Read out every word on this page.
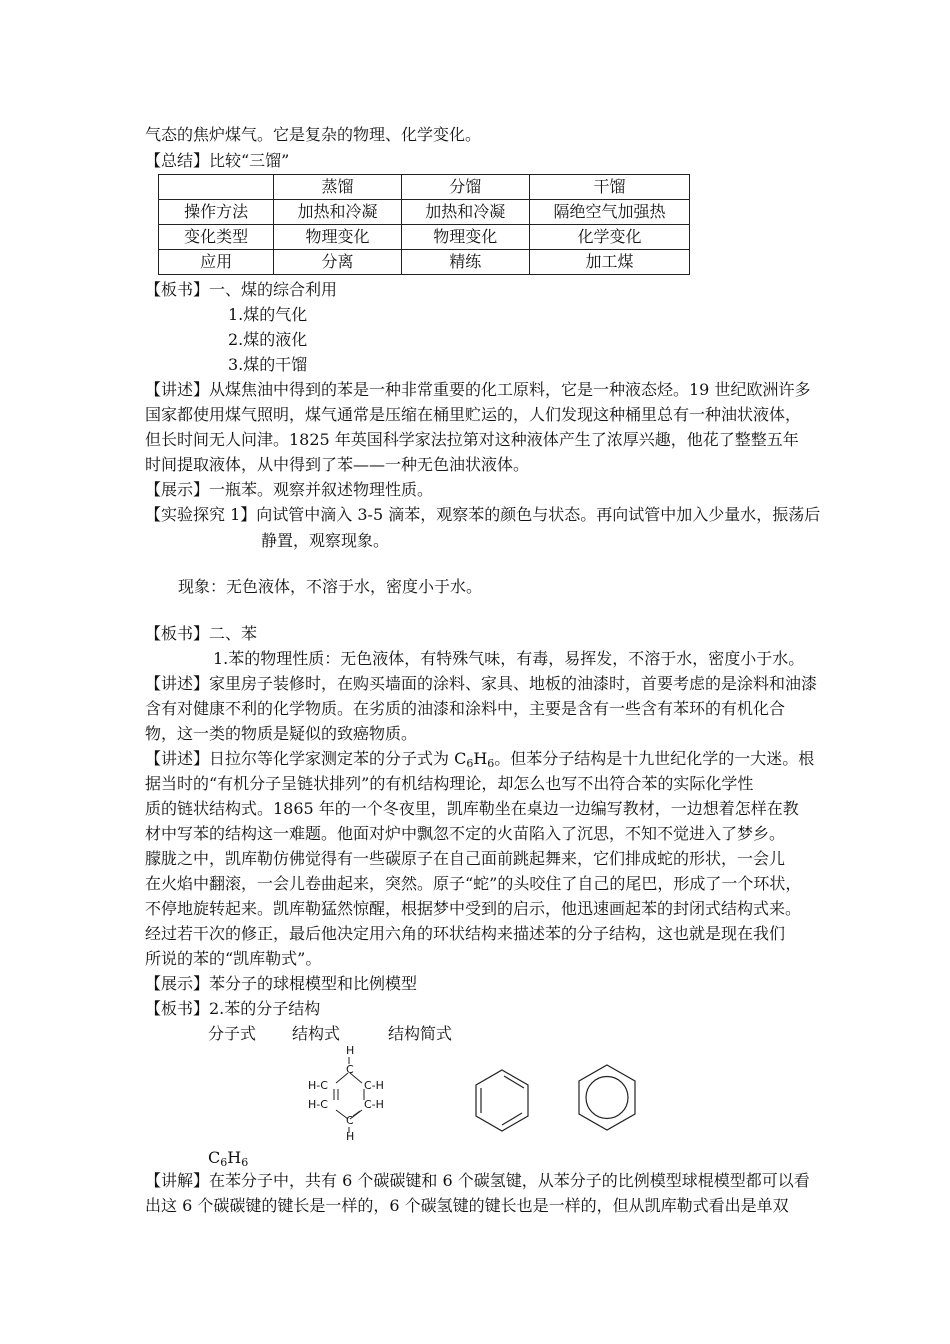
气态的焦炉煤气。它是复杂的物理、化学变化。
【总结】比较“三馏”
	蒸馏	分馏	干馏
操作方法	加热和冷凝	加热和冷凝	隔绝空气加强热
变化类型	物理变化	物理变化	化学变化
应用	分离	精练	加工煤
【板书】一、煤的综合利用
1.煤的气化
2.煤的液化
3.煤的干馏
【讲述】从煤焦油中得到的苯是一种非常重要的化工原料，它是一种液态烃。19 世纪欧洲许多
国家都使用煤气照明，煤气通常是压缩在桶里贮运的，人们发现这种桶里总有一种油状液体，
但长时间无人问津。1825 年英国科学家法拉第对这种液体产生了浓厚兴趣，他花了整整五年
时间提取液体，从中得到了苯——一种无色油状液体。
【展示】一瓶苯。观察并叙述物理性质。
【实验探究 1】向试管中滴入 3-5 滴苯，观察苯的颜色与状态。再向试管中加入少量水，振荡后
静置，观察现象。
现象：无色液体，不溶于水，密度小于水。
【板书】二、苯
1.苯的物理性质：无色液体，有特殊气味，有毒，易挥发，不溶于水，密度小于水。
【讲述】家里房子装修时，在购买墙面的涂料、家具、地板的油漆时，首要考虑的是涂料和油漆
含有对健康不利的化学物质。在劣质的油漆和涂料中，主要是含有一些含有苯环的有机化合
物，这一类的物质是疑似的致癌物质。
【讲述】日拉尔等化学家测定苯的分子式为 $C_6H_6$。但苯分子结构是十九世纪化学的一大迷。根
据当时的“有机分子呈链状排列”的有机结构理论，却怎么也写不出符合苯的实际化学性
质的链状结构式。1865 年的一个冬夜里，凯库勒坐在桌边一边编写教材，一边想着怎样在教
材中写苯的结构这一难题。他面对炉中飘忽不定的火苗陷入了沉思，不知不觉进入了梦乡。
朦胧之中，凯库勒仿佛觉得有一些碳原子在自己面前跳起舞来，它们排成蛇的形状，一会儿
在火焰中翻滚，一会儿卷曲起来，突然。原子“蛇”的头咬住了自己的尾巴，形成了一个环状，
不停地旋转起来。凯库勒猛然惊醒，根据梦中受到的启示，他迅速画起苯的封闭式结构式来。
经过若干次的修正，最后他决定用六角的环状结构来描述苯的分子结构，这也就是现在我们
所说的苯的“凯库勒式”。
【展示】苯分子的球棍模型和比例模型
【板书】2.苯的分子结构
分子式 结构式	结构简式
H
C
H-C	C-H
H-C	C-H
C
H
$C_6H_6$
【讲解】在苯分子中，共有 6 个碳碳键和 6 个碳氢键，从苯分子的比例模型球棍模型都可以看
出这 6 个碳碳键的键长是一样的，6 个碳氢键的键长也是一样的，但从凯库勒式看出是单双
